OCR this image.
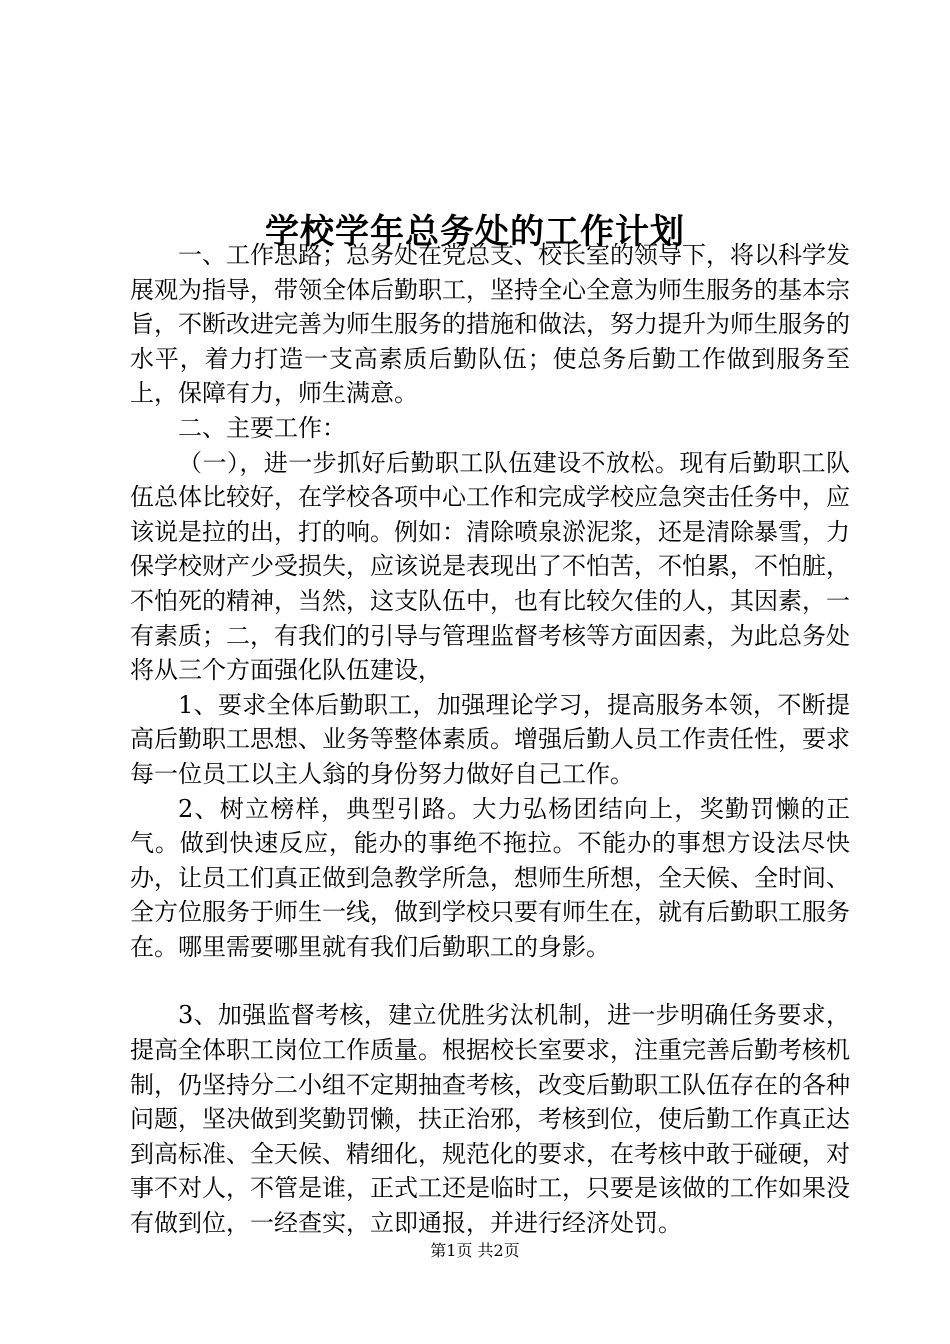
学校学年总务处的工作计划

一、工作思路；总务处在党总支、校长室的领导下，将以科学发展观为指导，带领全体后勤职工，坚持全心全意为师生服务的基本宗旨，不断改进完善为师生服务的措施和做法，努力提升为师生服务的水平，着力打造一支高素质后勤队伍；使总务后勤工作做到服务至上，保障有力，师生满意。

二、主要工作：

（一），进一步抓好后勤职工队伍建设不放松。现有后勤职工队伍总体比较好，在学校各项中心工作和完成学校应急突击任务中，应该说是拉的出，打的响。例如：清除喷泉淤泥浆，还是清除暴雪，力保学校财产少受损失，应该说是表现出了不怕苦，不怕累，不怕脏，不怕死的精神，当然，这支队伍中，也有比较欠佳的人，其因素，一有素质；二，有我们的引导与管理监督考核等方面因素，为此总务处将从三个方面强化队伍建设，

1、要求全体后勤职工，加强理论学习，提高服务本领，不断提高后勤职工思想、业务等整体素质。增强后勤人员工作责任性，要求每一位员工以主人翁的身份努力做好自己工作。

2、树立榜样，典型引路。大力弘杨团结向上，奖勤罚懒的正气。做到快速反应，能办的事绝不拖拉。不能办的事想方设法尽快办，让员工们真正做到急教学所急，想师生所想，全天候、全时间、全方位服务于师生一线，做到学校只要有师生在，就有后勤职工服务在。哪里需要哪里就有我们后勤职工的身影。

3、加强监督考核，建立优胜劣汰机制，进一步明确任务要求，提高全体职工岗位工作质量。根据校长室要求，注重完善后勤考核机制，仍坚持分二小组不定期抽查考核，改变后勤职工队伍存在的各种问题，坚决做到奖勤罚懒，扶正治邪，考核到位，使后勤工作真正达到高标准、全天候、精细化，规范化的要求，在考核中敢于碰硬，对事不对人，不管是谁，正式工还是临时工，只要是该做的工作如果没有做到位，一经查实，立即通报，并进行经济处罚。

第1页 共2页
